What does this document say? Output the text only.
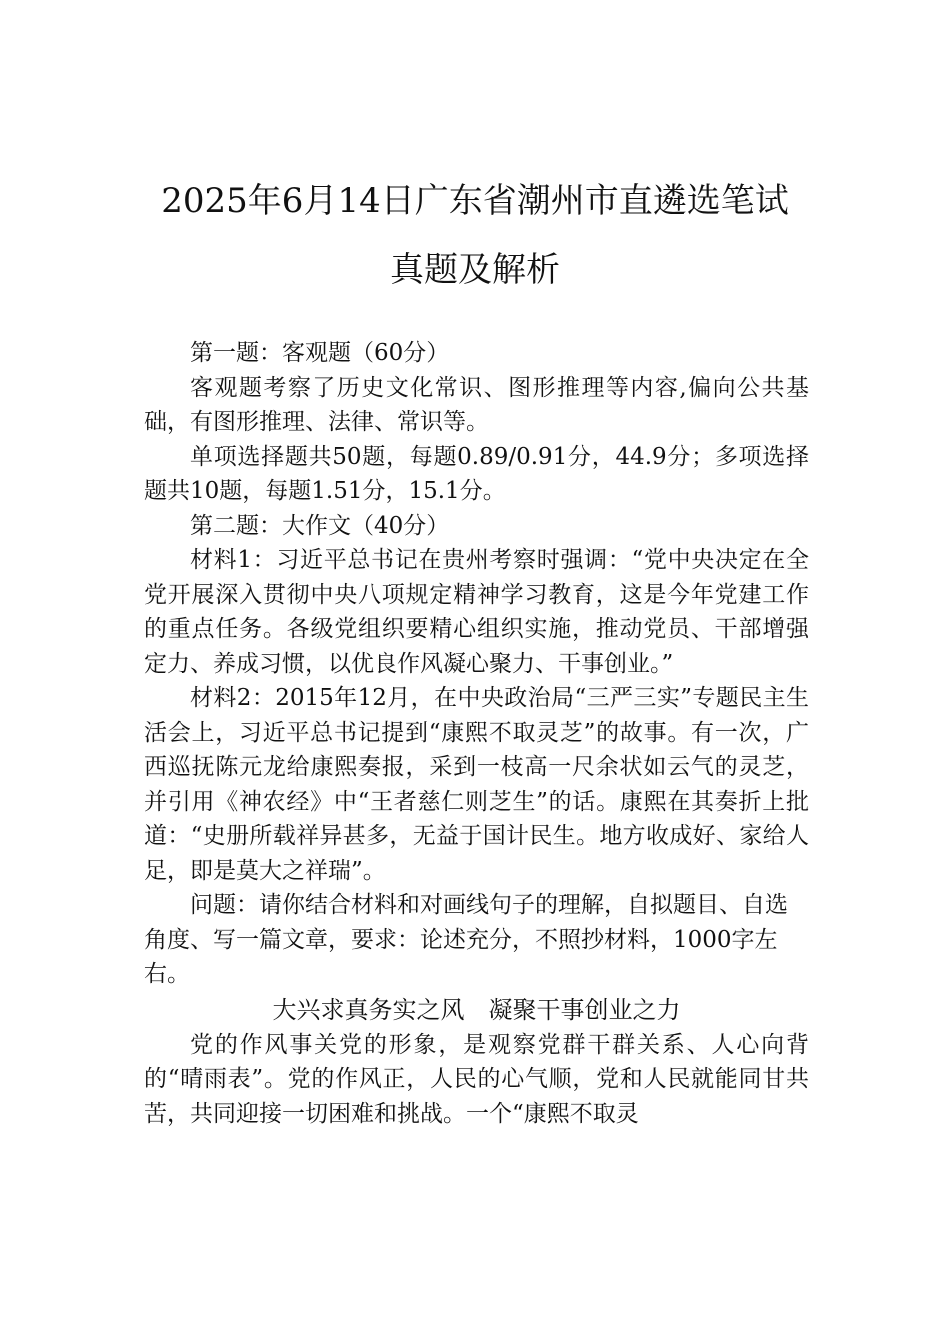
2025年6月14日广东省潮州市直遴选笔试
真题及解析

第一题：客观题（60分）

客观题考察了历史文化常识、图形推理等内容,偏向公共基础，有图形推理、法律、常识等。

单项选择题共50题，每题0.89/0.91分，44.9分；多项选择题共10题，每题1.51分，15.1分。

第二题：大作文（40分）

材料1：习近平总书记在贵州考察时强调：“党中央决定在全党开展深入贯彻中央八项规定精神学习教育，这是今年党建工作的重点任务。各级党组织要精心组织实施，推动党员、干部增强定力、养成习惯，以优良作风凝心聚力、干事创业。”

材料2：2015年12月，在中央政治局“三严三实”专题民主生活会上，习近平总书记提到“康熙不取灵芝”的故事。有一次，广西巡抚陈元龙给康熙奏报，采到一枝高一尺余状如云气的灵芝，并引用《神农经》中“王者慈仁则芝生”的话。康熙在其奏折上批道：“史册所载祥异甚多，无益于国计民生。地方收成好、家给人足，即是莫大之祥瑞”。

问题：请你结合材料和对画线句子的理解，自拟题目、自选角度、写一篇文章，要求：论述充分，不照抄材料，1000字左右。

大兴求真务实之风　凝聚干事创业之力

党的作风事关党的形象，是观察党群干群关系、人心向背的“晴雨表”。党的作风正，人民的心气顺，党和人民就能同甘共苦，共同迎接一切困难和挑战。一个“康熙不取灵
